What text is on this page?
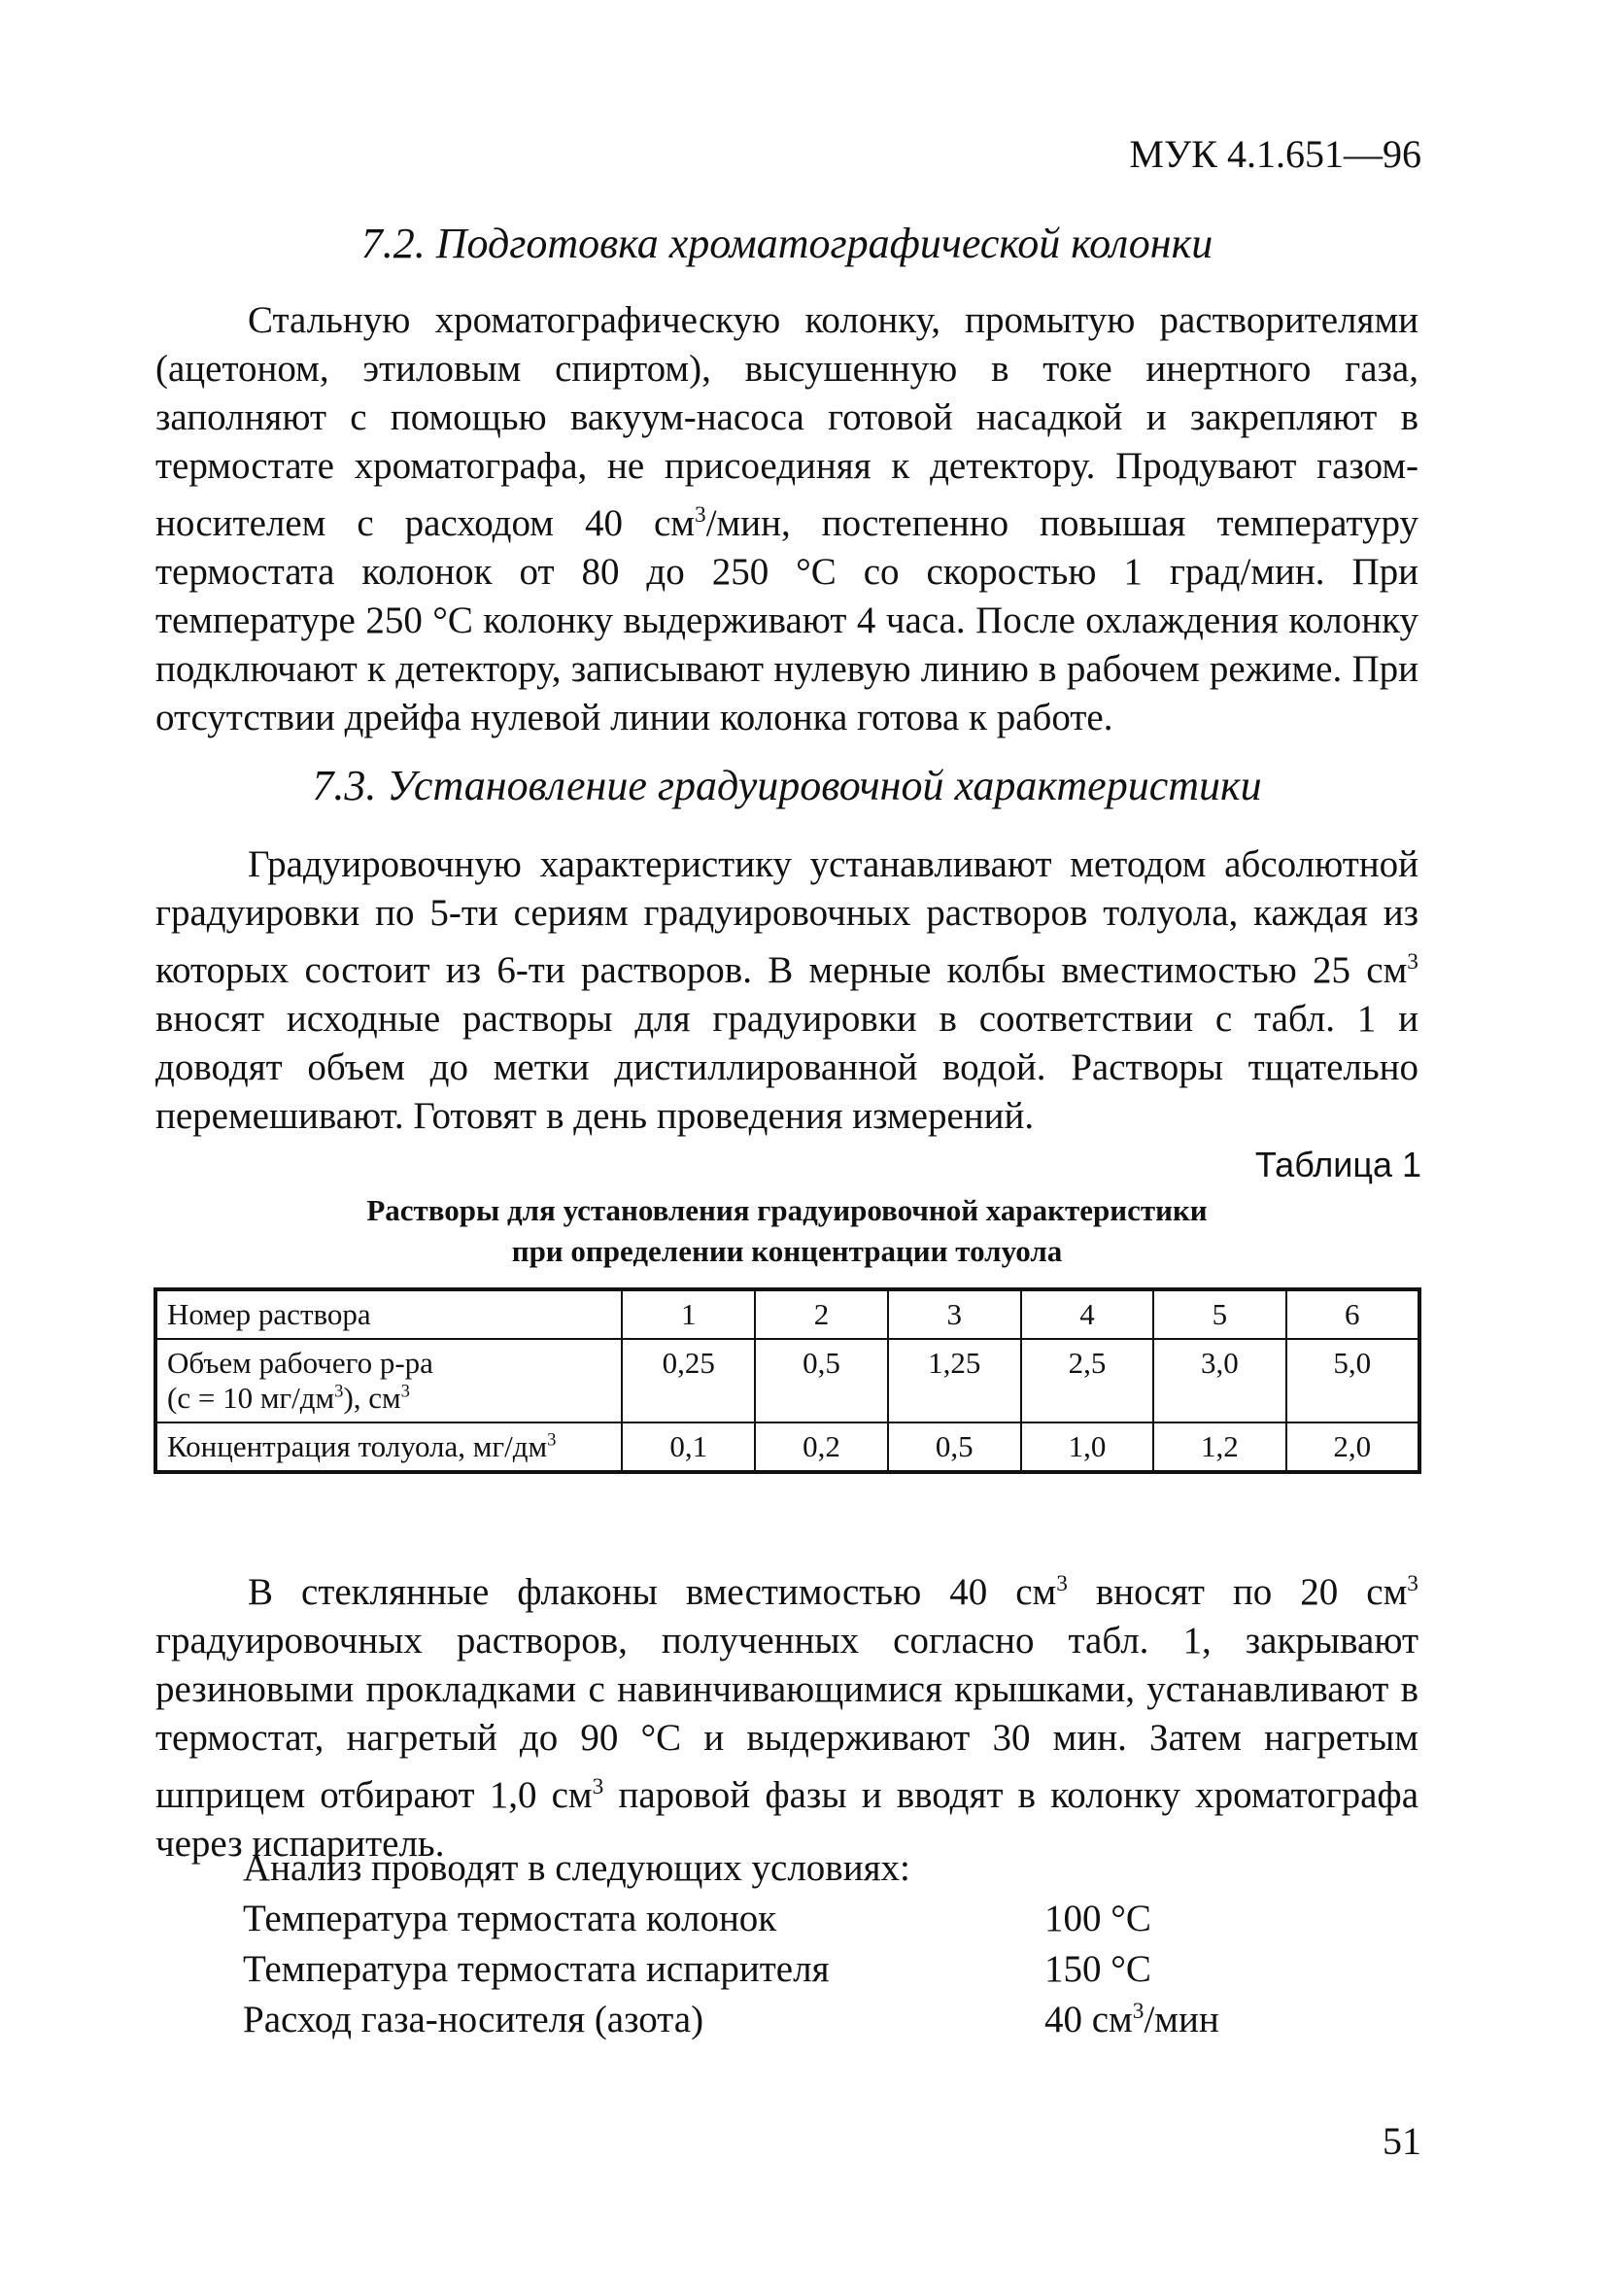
МУК 4.1.651—96
7.2. Подготовка хроматографической колонки
Стальную хроматографическую колонку, промытую растворителями (ацетоном, этиловым спиртом), высушенную в токе инертного газа, заполняют с помощью вакуум-насоса готовой насадкой и закрепляют в термостате хроматографа, не присоединяя к детектору. Продувают газом-носителем с расходом 40 $см^3$/мин, постепенно повышая температуру термостата колонок от 80 до 250 °С со скоростью 1 град/мин. При температуре 250 °С колонку выдерживают 4 часа. После охлаждения колонку подключают к детектору, записывают нулевую линию в рабочем режиме. При отсутствии дрейфа нулевой линии колонка готова к работе.
7.3. Установление градуировочной характеристики
Градуировочную характеристику устанавливают методом абсолютной градуировки по 5-ти сериям градуировочных растворов толуола, каждая из которых состоит из 6-ти растворов. В мерные колбы вместимостью 25 $см^3$ вносят исходные растворы для градуировки в соответствии с табл. 1 и доводят объем до метки дистиллированной водой. Растворы тщательно перемешивают. Готовят в день проведения измерений.
Таблица 1
Растворы для установления градуировочной характеристики
при определении концентрации толуола
Номер раствора	1	2	3	4	5	6

Объем рабочего р-ра
(с = 10 $мг/дм^3$), $см^3$	0,25	0,5	1,25	2,5	3,0	5,0
Концентрация толуола, $мг/дм^3$	0,1	0,2	0,5	1,0	1,2	2,0
В стеклянные флаконы вместимостью 40 $см^3$ вносят по 20 $см^3$ градуировочных растворов, полученных согласно табл. 1, закрывают резиновыми прокладками с навинчивающимися крышками, устанавливают в термостат, нагретый до 90 °С и выдерживают 30 мин. Затем нагретым шприцем отбирают 1,0 $см^3$ паровой фазы и вводят в колонку хроматографа через испаритель.
Анализ проводят в следующих условиях:
Температура термостата колонок	100 °С
Температура термостата испарителя	150 °С
Расход газа-носителя (азота)	40 $см^3$/мин
51
